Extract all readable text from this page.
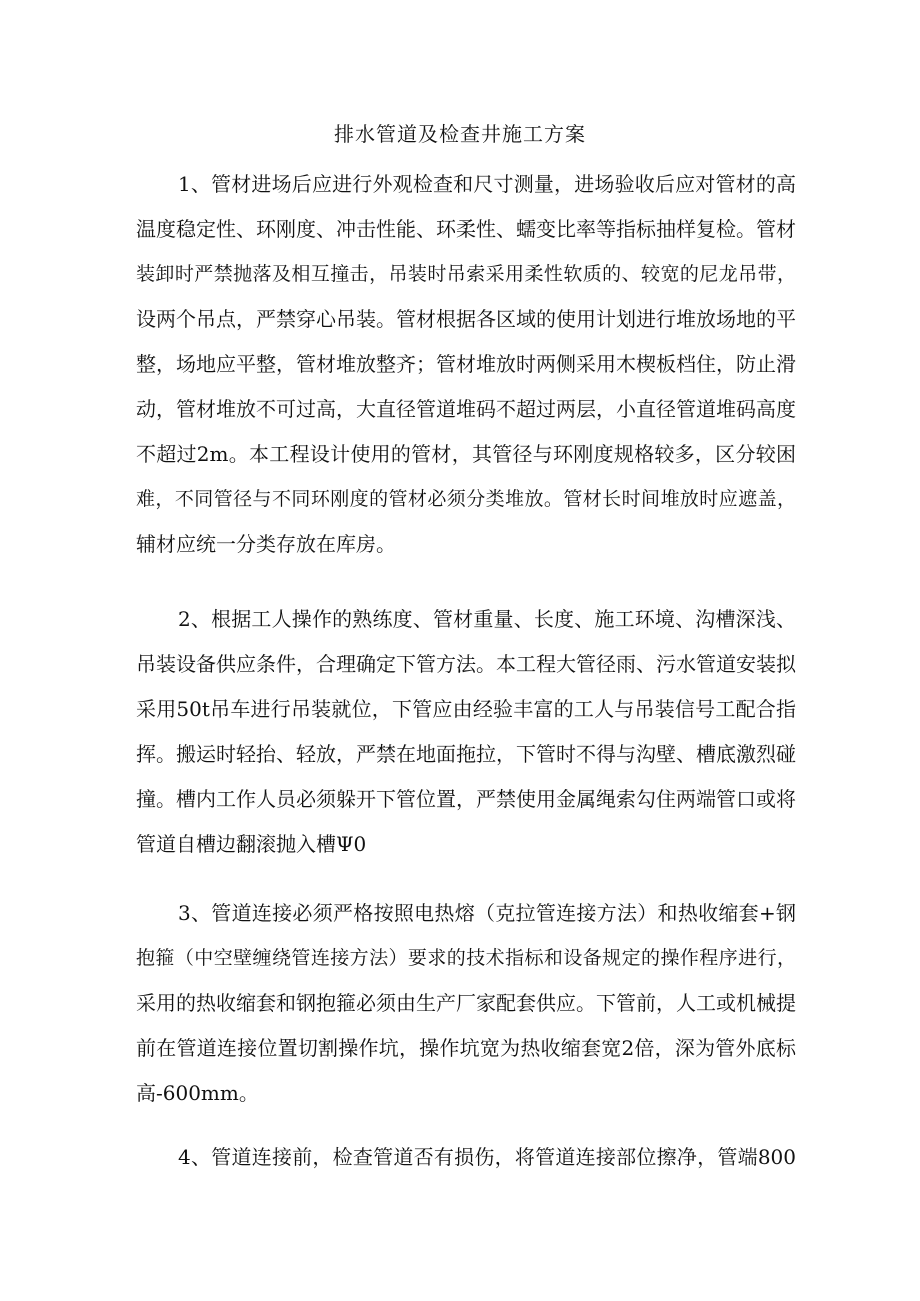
排水管道及检查井施工方案
1、管材进场后应进行外观检查和尺寸测量，进场验收后应对管材的高
温度稳定性、环刚度、冲击性能、环柔性、蠕变比率等指标抽样复检。管材
装卸时严禁抛落及相互撞击，吊装时吊索采用柔性软质的、较宽的尼龙吊带，
设两个吊点，严禁穿心吊装。管材根据各区域的使用计划进行堆放场地的平
整，场地应平整，管材堆放整齐；管材堆放时两侧采用木楔板档住，防止滑
动，管材堆放不可过高，大直径管道堆码不超过两层，小直径管道堆码高度
不超过2m。本工程设计使用的管材，其管径与环刚度规格较多，区分较困
难，不同管径与不同环刚度的管材必须分类堆放。管材长时间堆放时应遮盖，
辅材应统一分类存放在库房。
2、根据工人操作的熟练度、管材重量、长度、施工环境、沟槽深浅、
吊装设备供应条件，合理确定下管方法。本工程大管径雨、污水管道安装拟
采用50t吊车进行吊装就位，下管应由经验丰富的工人与吊装信号工配合指
挥。搬运时轻抬、轻放，严禁在地面拖拉，下管时不得与沟壁、槽底激烈碰
撞。槽内工作人员必须躲开下管位置，严禁使用金属绳索勾住两端管口或将
管道自槽边翻滚抛入槽Ψ0
3、管道连接必须严格按照电热熔（克拉管连接方法）和热收缩套+钢
抱箍（中空壁缠绕管连接方法）要求的技术指标和设备规定的操作程序进行，
采用的热收缩套和钢抱箍必须由生产厂家配套供应。下管前，人工或机械提
前在管道连接位置切割操作坑，操作坑宽为热收缩套宽2倍，深为管外底标
高-600mm。
4、管道连接前，检查管道否有损伤，将管道连接部位擦净，管端800
